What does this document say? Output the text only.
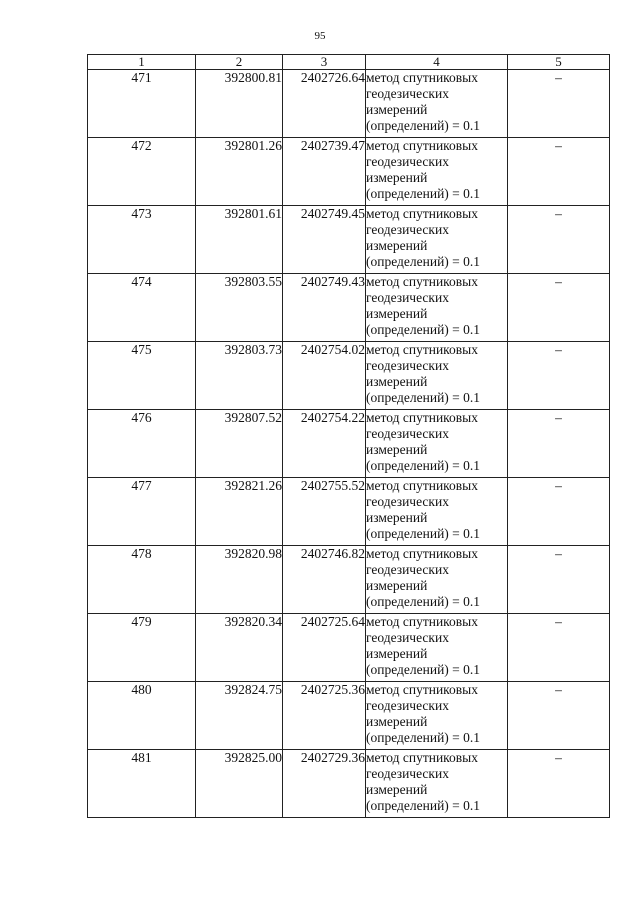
95
1	2	3	4	5
471	392800.81	2402726.64	метод спутниковых
геодезических
измерений
(определений) = 0.1	–
472	392801.26	2402739.47	метод спутниковых
геодезических
измерений
(определений) = 0.1	–
473	392801.61	2402749.45	метод спутниковых
геодезических
измерений
(определений) = 0.1	–
474	392803.55	2402749.43	метод спутниковых
геодезических
измерений
(определений) = 0.1	–
475	392803.73	2402754.02	метод спутниковых
геодезических
измерений
(определений) = 0.1	–
476	392807.52	2402754.22	метод спутниковых
геодезических
измерений
(определений) = 0.1	–
477	392821.26	2402755.52	метод спутниковых
геодезических
измерений
(определений) = 0.1	–
478	392820.98	2402746.82	метод спутниковых
геодезических
измерений
(определений) = 0.1	–
479	392820.34	2402725.64	метод спутниковых
геодезических
измерений
(определений) = 0.1	–
480	392824.75	2402725.36	метод спутниковых
геодезических
измерений
(определений) = 0.1	–
481	392825.00	2402729.36	метод спутниковых
геодезических
измерений
(определений) = 0.1	–
